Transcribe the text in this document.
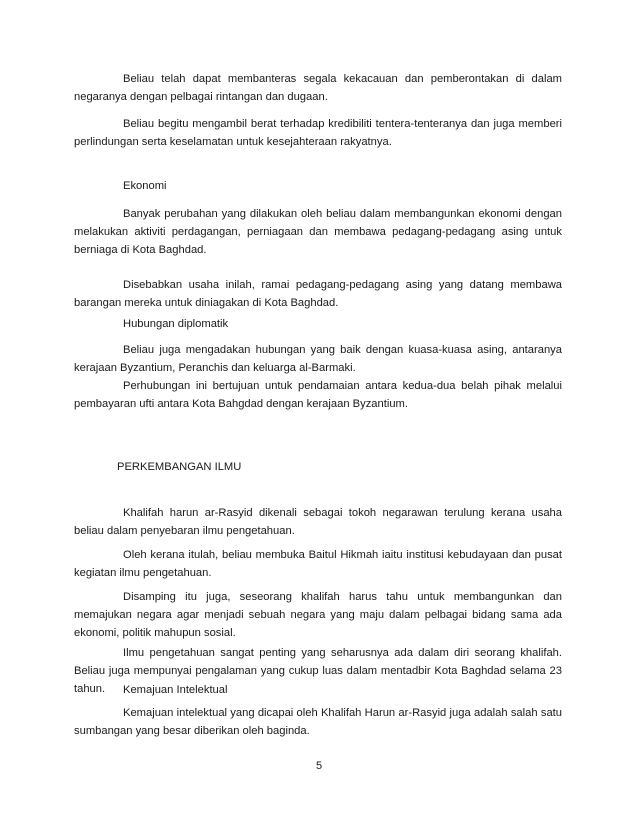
Beliau telah dapat membanteras segala kekacauan dan pemberontakan di dalam negaranya dengan pelbagai rintangan dan dugaan.

Beliau begitu mengambil berat terhadap kredibiliti tentera-tenteranya dan juga memberi perlindungan serta keselamatan untuk kesejahteraan rakyatnya.

Ekonomi

Banyak perubahan yang dilakukan oleh beliau dalam membangunkan ekonomi dengan melakukan aktiviti perdagangan, perniagaan dan membawa pedagang-pedagang asing untuk berniaga di Kota Baghdad.

Disebabkan usaha inilah, ramai pedagang-pedagang asing yang datang membawa barangan mereka untuk diniagakan di Kota Baghdad.

Hubungan diplomatik

Beliau juga mengadakan hubungan yang baik dengan kuasa-kuasa asing, antaranya kerajaan Byzantium, Peranchis dan keluarga al-Barmaki.

Perhubungan ini bertujuan untuk pendamaian antara kedua-dua belah pihak melalui pembayaran ufti antara Kota Bahgdad dengan kerajaan Byzantium.

PERKEMBANGAN ILMU

Khalifah harun ar-Rasyid dikenali sebagai tokoh negarawan terulung kerana usaha beliau dalam penyebaran ilmu pengetahuan.

Oleh kerana itulah, beliau membuka Baitul Hikmah iaitu institusi kebudayaan dan pusat kegiatan ilmu pengetahuan.

Disamping itu juga, seseorang khalifah harus tahu untuk membangunkan dan memajukan negara agar menjadi sebuah negara yang maju dalam pelbagai bidang sama ada ekonomi, politik mahupun sosial.

Ilmu pengetahuan sangat penting yang seharusnya ada dalam diri seorang khalifah. Beliau juga mempunyai pengalaman yang cukup luas dalam mentadbir Kota Baghdad selama 23 tahun.	Kemajuan Intelektual

Kemajuan intelektual yang dicapai oleh Khalifah Harun ar-Rasyid juga adalah salah satu sumbangan yang besar diberikan oleh baginda.

5
